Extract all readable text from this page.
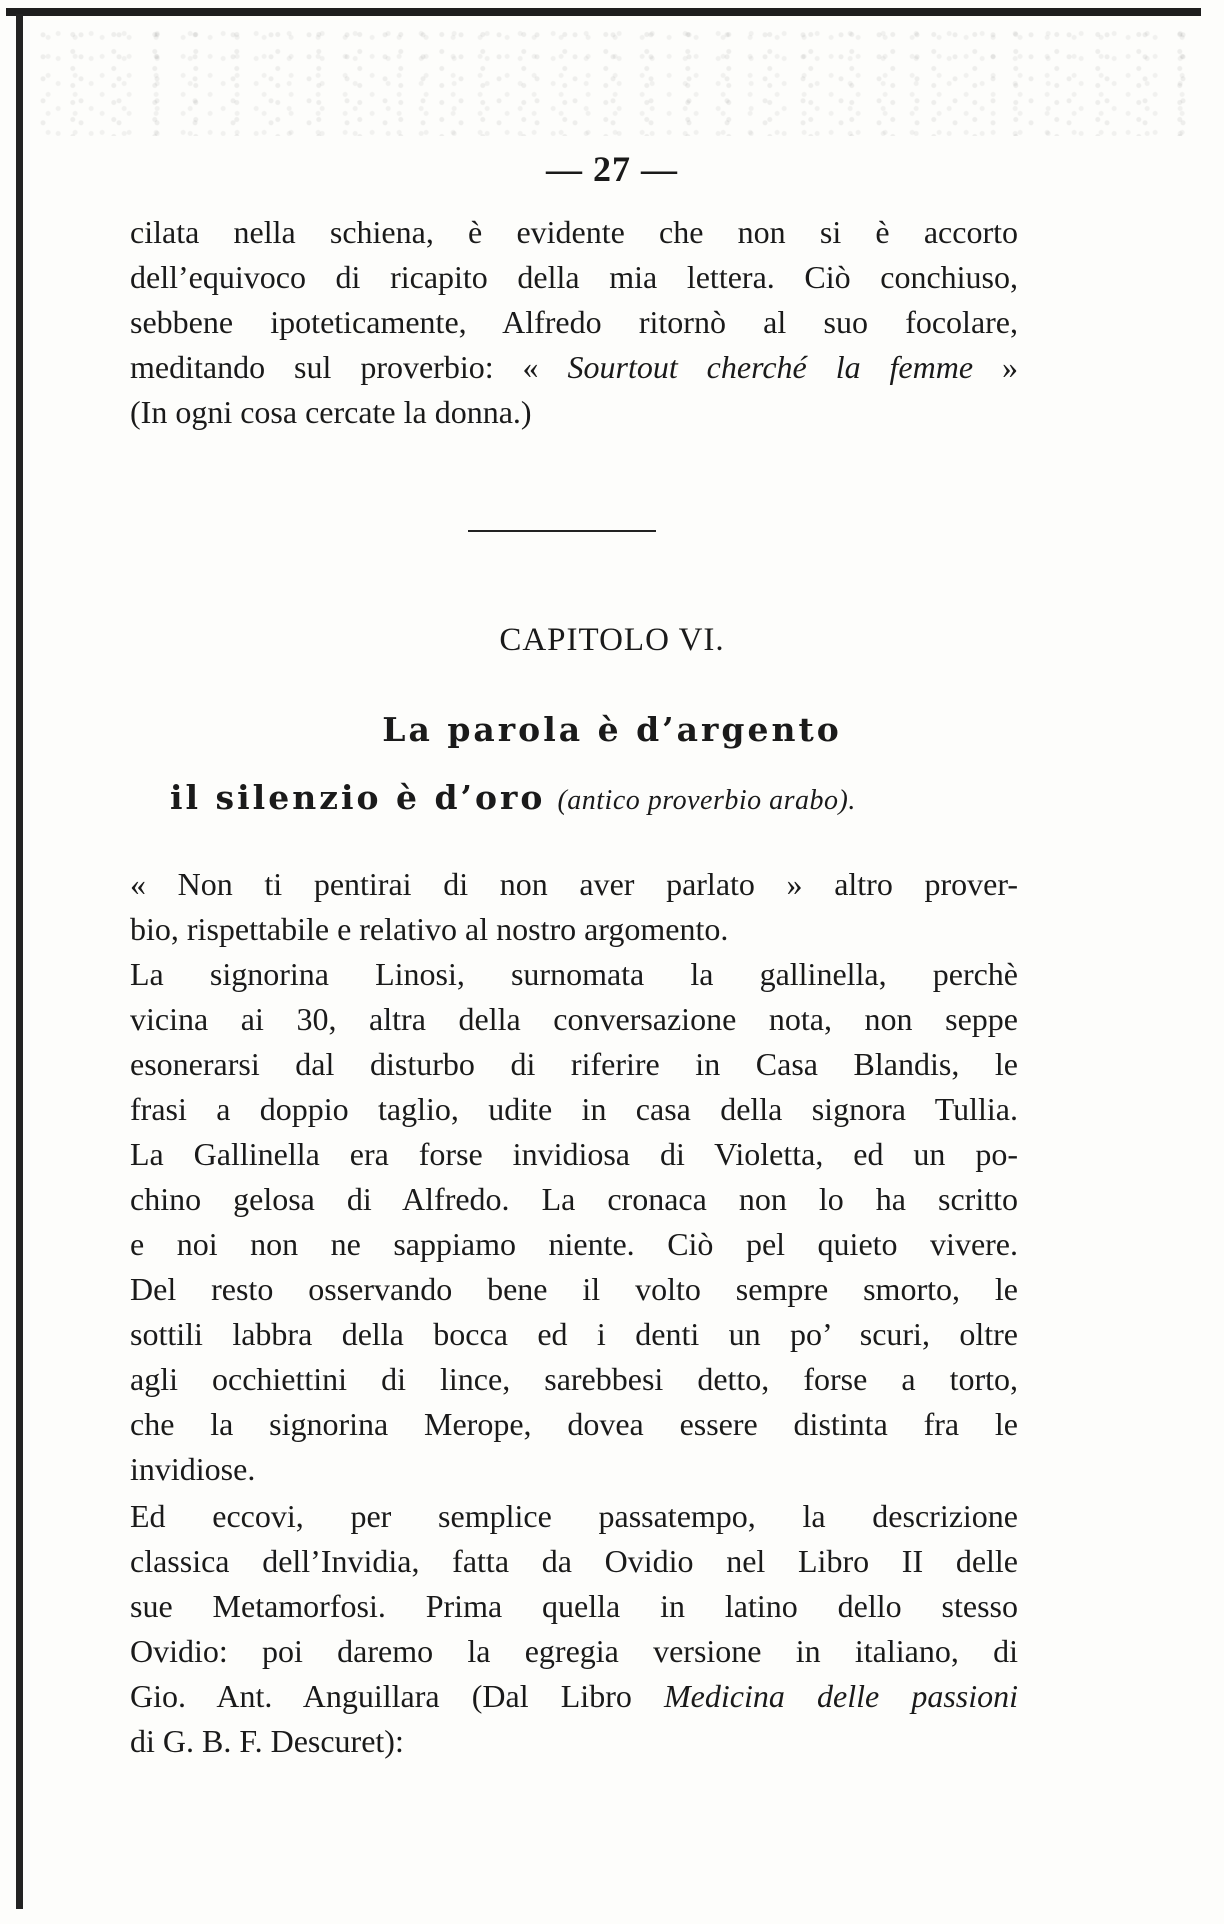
— 27 —
cilata nella schiena, è evidente che non si è accorto
dell’equivoco di ricapito della mia lettera. Ciò conchiuso,
sebbene ipoteticamente, Alfredo ritornò al suo focolare,
meditando sul proverbio: « Sourtout cherché la femme »
(In ogni cosa cercate la donna.)
CAPITOLO VI.
La parola è d’argento
il silenzio è d’oro (antico proverbio arabo).
« Non ti pentirai di non aver parlato » altro prover-
bio, rispettabile e relativo al nostro argomento.
La signorina Linosi, surnomata la gallinella, perchè
vicina ai 30, altra della conversazione nota, non seppe
esonerarsi dal disturbo di riferire in Casa Blandis, le
frasi a doppio taglio, udite in casa della signora Tullia.
La Gallinella era forse invidiosa di Violetta, ed un po-
chino gelosa di Alfredo. La cronaca non lo ha scritto
e noi non ne sappiamo niente. Ciò pel quieto vivere.
Del resto osservando bene il volto sempre smorto, le
sottili labbra della bocca ed i denti un po’ scuri, oltre
agli occhiettini di lince, sarebbesi detto, forse a torto,
che la signorina Merope, dovea essere distinta fra le
invidiose.
Ed eccovi, per semplice passatempo, la descrizione
classica dell’Invidia, fatta da Ovidio nel Libro II delle
sue Metamorfosi. Prima quella in latino dello stesso
Ovidio: poi daremo la egregia versione in italiano, di
Gio. Ant. Anguillara (Dal Libro Medicina delle passioni
di G. B. F. Descuret):
